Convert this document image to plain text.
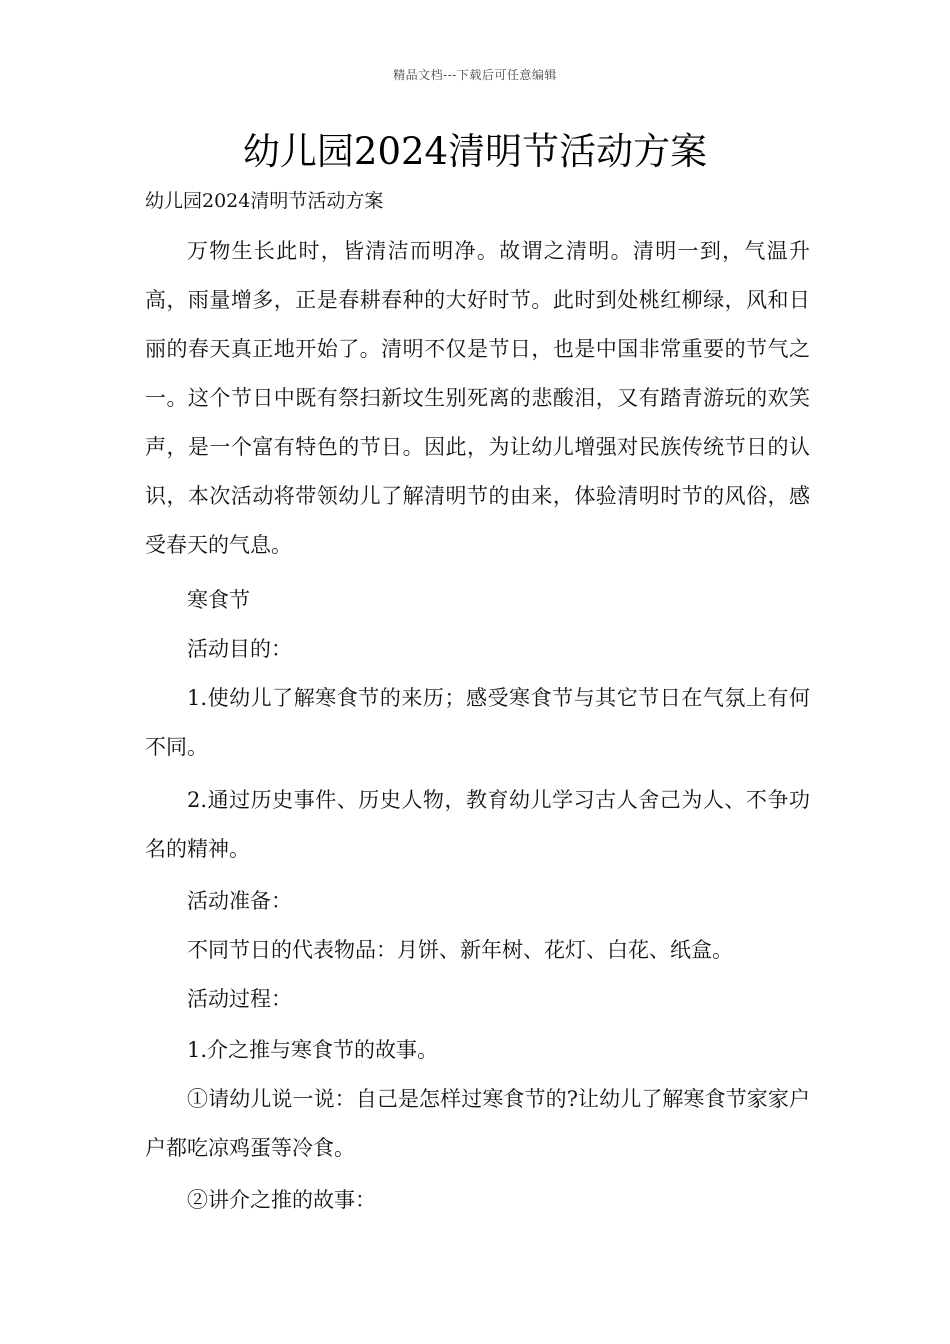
精品文档---下载后可任意编辑
幼儿园2024清明节活动方案
幼儿园2024清明节活动方案

万物生长此时，皆清洁而明净。故谓之清明。清明一到，气温升高，雨量增多，正是春耕春种的大好时节。此时到处桃红柳绿，风和日丽的春天真正地开始了。清明不仅是节日，也是中国非常重要的节气之一。这个节日中既有祭扫新坟生别死离的悲酸泪，又有踏青游玩的欢笑声，是一个富有特色的节日。因此，为让幼儿增强对民族传统节日的认识，本次活动将带领幼儿了解清明节的由来，体验清明时节的风俗，感受春天的气息。

寒食节

活动目的：

1.使幼儿了解寒食节的来历；感受寒食节与其它节日在气氛上有何不同。

2.通过历史事件、历史人物，教育幼儿学习古人舍己为人、不争功名的精神。

活动准备：

不同节日的代表物品：月饼、新年树、花灯、白花、纸盒。

活动过程：

1.介之推与寒食节的故事。

①请幼儿说一说：自己是怎样过寒食节的?让幼儿了解寒食节家家户户都吃凉鸡蛋等冷食。

②讲介之推的故事：
